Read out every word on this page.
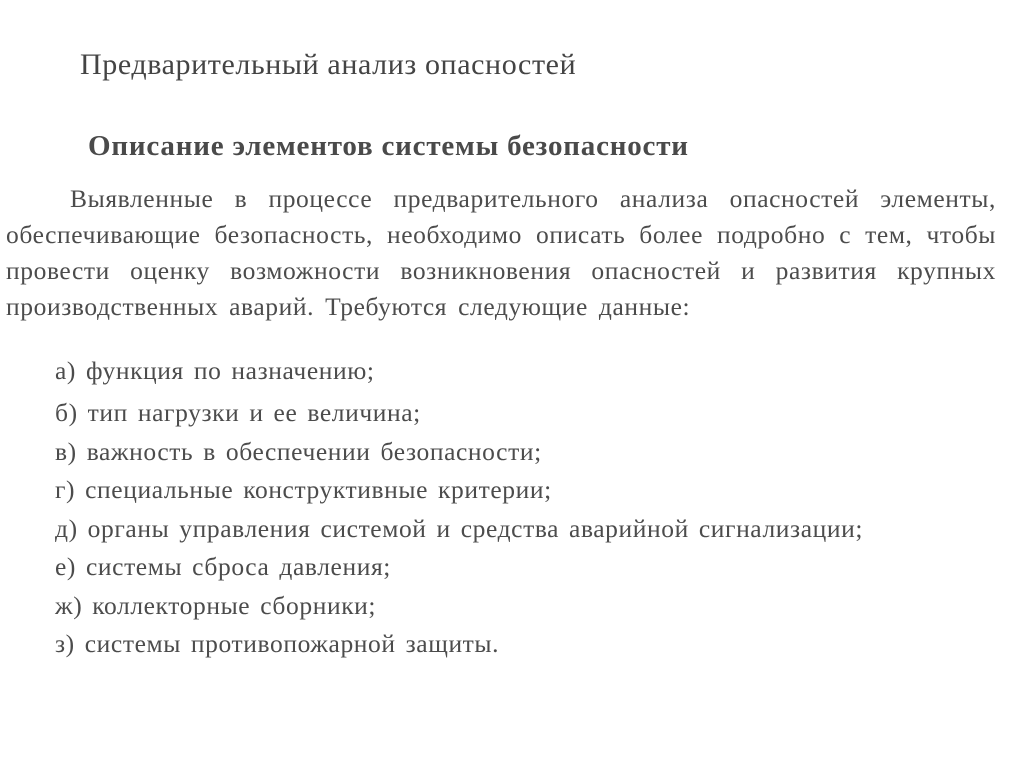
Предварительный анализ опасностей
Описание элементов системы безопасности

Выявленные в процессе предварительного анализа опасностей элементы, обеспечивающие безопасность, необходимо описать более подробно с тем, чтобы провести оценку возможности возникновения опасностей и развития крупных производственных аварий. Требуются следующие данные:

а) функция по назначению;
б) тип нагрузки и ее величина;
в) важность в обеспечении безопасности;
г) специальные конструктивные критерии;
д) органы управления системой и средства аварийной сигнализации;
е) системы сброса давления;
ж) коллекторные сборники;
з) системы противопожарной защиты.
